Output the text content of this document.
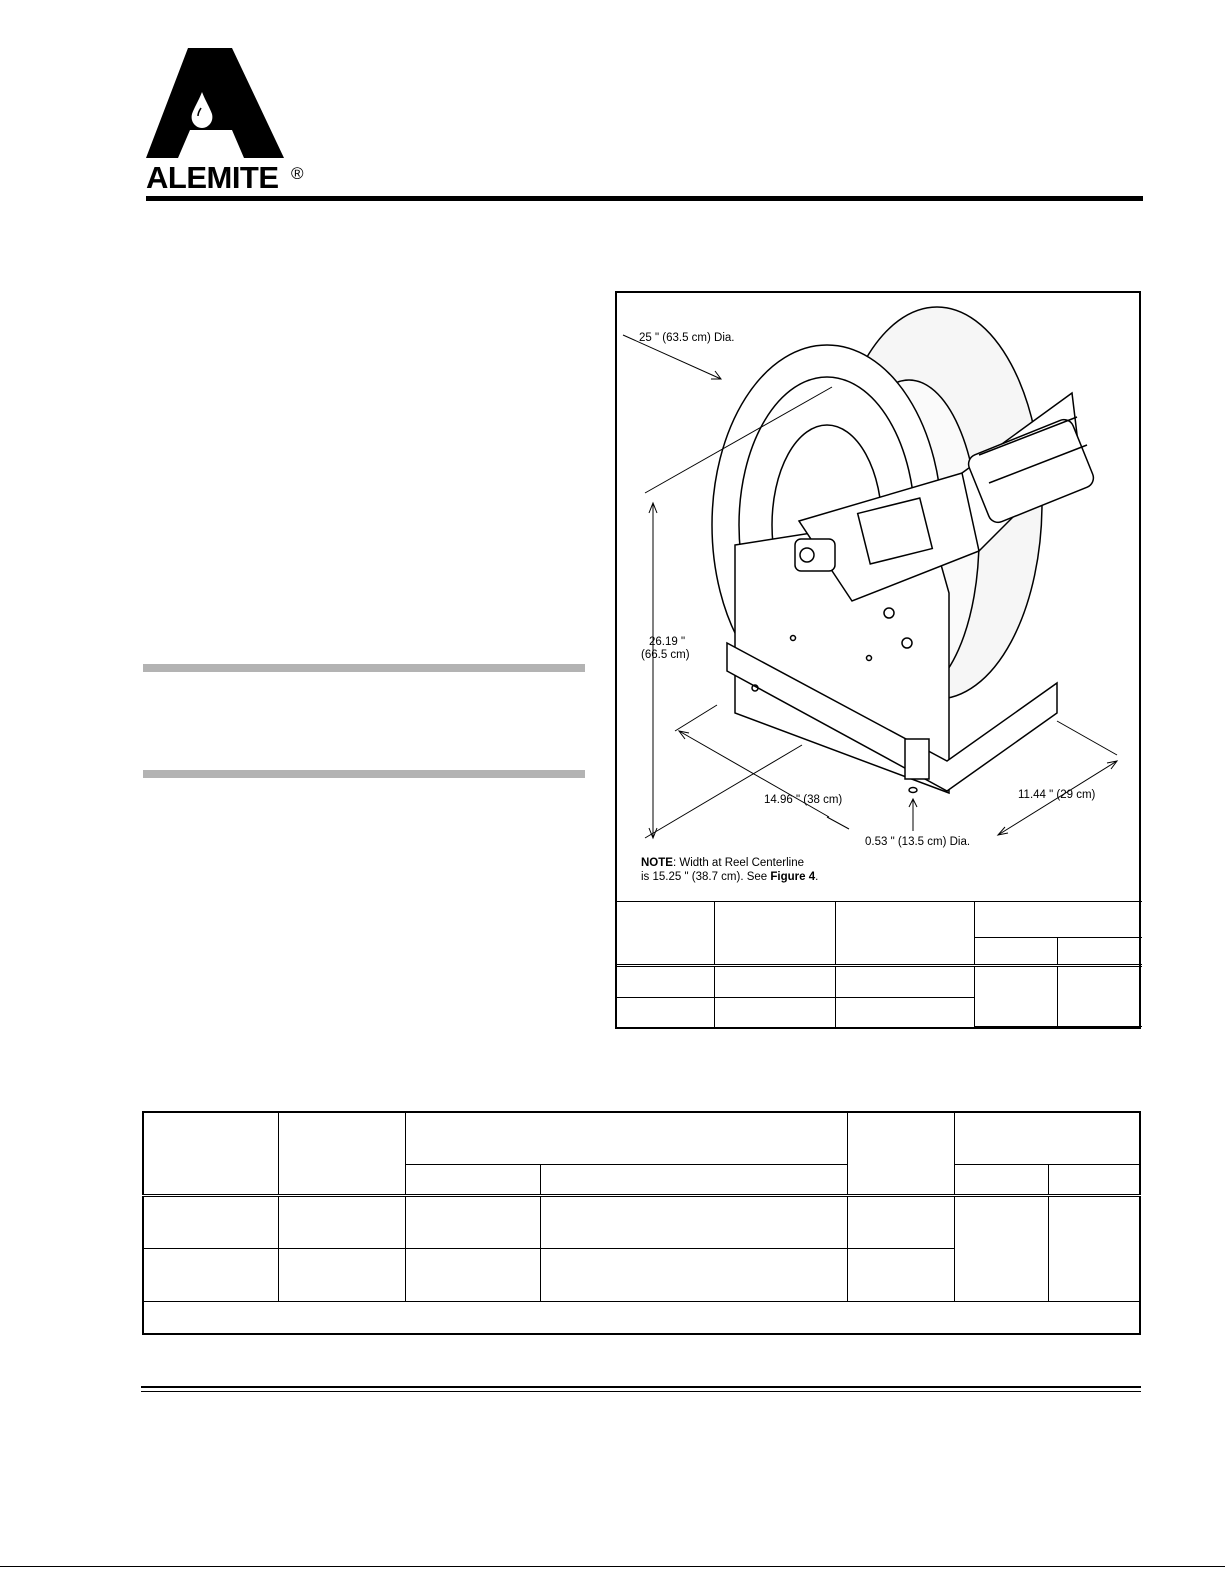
ALEMITE ®
25 " (63.5 cm) Dia.
26.19 "
(66.5 cm)
14.96 " (38 cm)	11.44 " (29 cm)
0.53 " (13.5 cm) Dia.
NOTE: Width at Reel Centerline
is 15.25 " (38.7 cm). See Figure 4.
